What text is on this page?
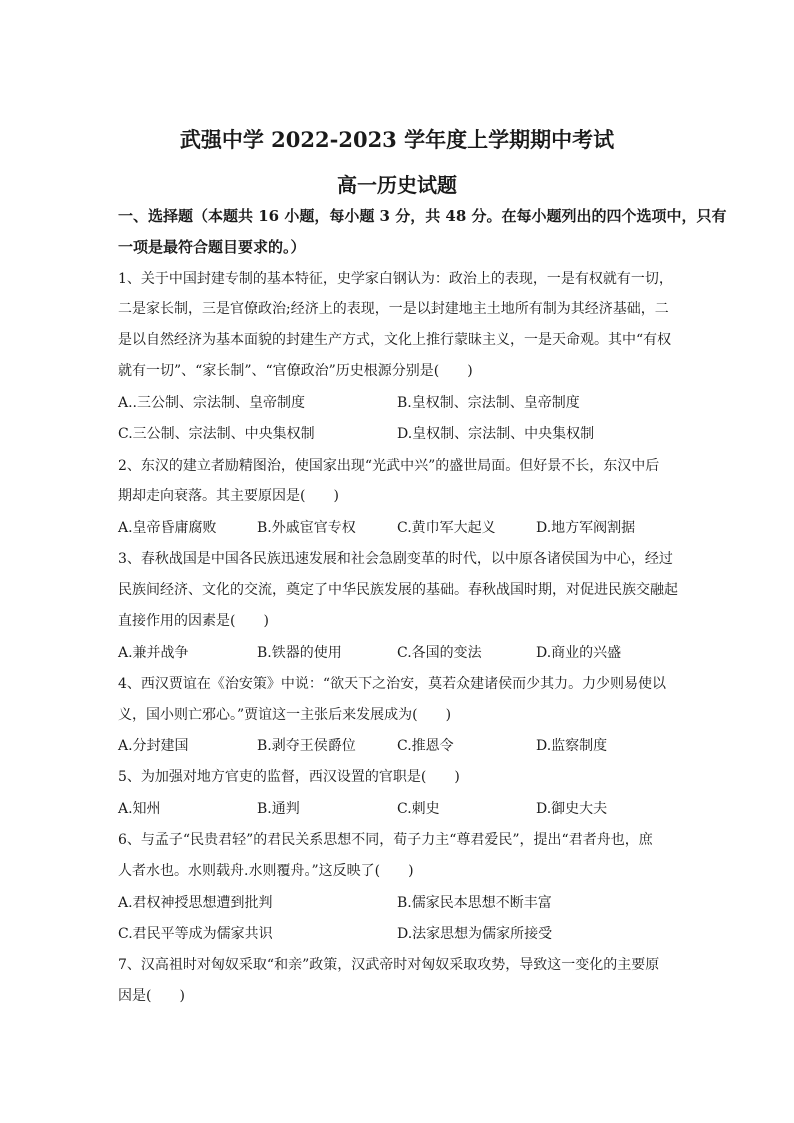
武强中学 2022-2023 学年度上学期期中考试
高一历史试题
一、选择题（本题共 16 小题，每小题 3 分，共 48 分。在每小题列出的四个选项中，只有
一项是最符合题目要求的。）
1、关于中国封建专制的基本特征，史学家白钢认为：政治上的表现，一是有权就有一切，
二是家长制，三是官僚政治;经济上的表现，一是以封建地主土地所有制为其经济基础，二
是以自然经济为基本面貌的封建生产方式，文化上推行蒙昧主义，一是天命观。其中“有权
就有一切”、“家长制”、“官僚政治”历史根源分别是(　　)
A..三公制、宗法制、皇帝制度	B.皇权制、宗法制、皇帝制度
C.三公制、宗法制、中央集权制	D.皇权制、宗法制、中央集权制
2、东汉的建立者励精图治，使国家出现“光武中兴”的盛世局面。但好景不长，东汉中后
期却走向衰落。其主要原因是(　　)
A.皇帝昏庸腐败	B.外戚宦官专权	C.黄巾军大起义	D.地方军阀割据
3、春秋战国是中国各民族迅速发展和社会急剧变革的时代，以中原各诸侯国为中心，经过
民族间经济、文化的交流，奠定了中华民族发展的基础。春秋战国时期，对促进民族交融起
直接作用的因素是(　　)
A.兼并战争	B.铁器的使用	C.各国的变法	D.商业的兴盛
4、西汉贾谊在《治安策》中说：“欲天下之治安，莫若众建诸侯而少其力。力少则易使以
义，国小则亡邪心。”贾谊这一主张后来发展成为(　　)
A.分封建国	B.剥夺王侯爵位	C.推恩令	D.监察制度
5、为加强对地方官吏的监督，西汉设置的官职是(　　)
A.知州	B.通判	C.刺史	D.御史大夫
6、与孟子“民贵君轻”的君民关系思想不同，荀子力主“尊君爱民”，提出“君者舟也，庶
人者水也。水则载舟.水则覆舟。”这反映了(　　)
A.君权神授思想遭到批判	B.儒家民本思想不断丰富
C.君民平等成为儒家共识	D.法家思想为儒家所接受
7、汉高祖时对匈奴采取“和亲”政策，汉武帝时对匈奴采取攻势，导致这一变化的主要原
因是(　　)
